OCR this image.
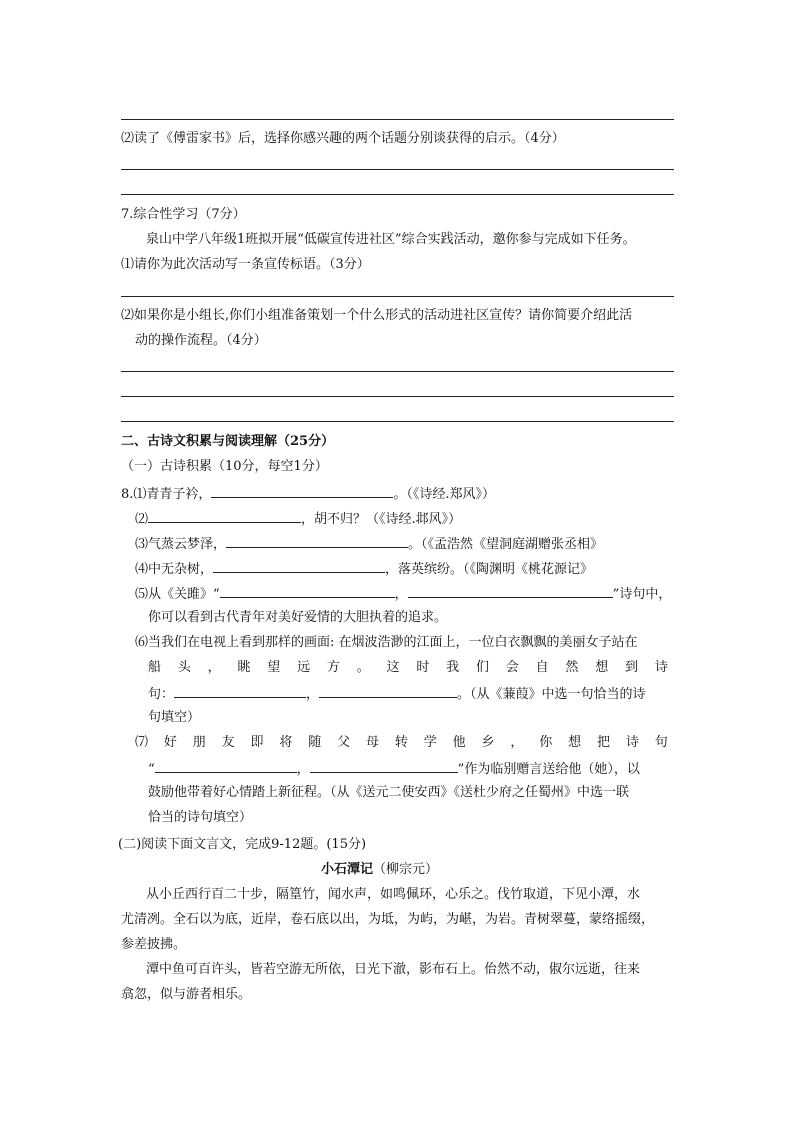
⑵读了《傅雷家书》后，选择你感兴趣的两个话题分别谈获得的启示。（4分）
7.综合性学习（7分）
泉山中学八年级1班拟开展“低碳宣传进社区”综合实践活动，邀你参与完成如下任务。
⑴请你为此次活动写一条宣传标语。（3分）
⑵如果你是小组长,你们小组准备策划一个什么形式的活动进社区宣传？请你简要介绍此活
动的操作流程。（4分）
二、古诗文积累与阅读理解（25分）
（一）古诗积累（10分，每空1分）
8.⑴青青子衿，	。（《诗经.郑风》）
⑵	，胡不归？（《诗经.邶风》）
⑶气蒸云梦泽，	。（《孟浩然《望洞庭湖赠张丞相》
⑷中无杂树，	，落英缤纷。（《陶渊明《桃花源记》
⑸从《关雎》“	，	”诗句中，
你可以看到古代青年对美好爱情的大胆执着的追求。
⑹当我们在电视上看到那样的画面: 在烟波浩渺的江面上，一位白衣飘飘的美丽女子站在
船 头 ， 眺 望 远 方 。 这 时 我 们 会 自 然 想 到 诗
句：	，	。（从《蒹葭》中选一句恰当的诗
句填空）
⑺ 好 朋 友 即 将 随 父 母 转 学 他 乡 ， 你 想 把 诗 句
“	，	”作为临别赠言送给他（她），以
鼓励他带着好心情踏上新征程。（从《送元二使安西》《送杜少府之任蜀州》中选一联
恰当的诗句填空）
(二)阅读下面文言文，完成9-12题。(15分)
小石潭记（柳宗元）
从小丘西行百二十步，隔篁竹，闻水声，如鸣佩环，心乐之。伐竹取道，下见小潭，水
尤清冽。全石以为底，近岸，卷石底以出，为坻，为屿，为嵁，为岩。青树翠蔓，蒙络摇缀，
参差披拂。
潭中鱼可百许头，皆若空游无所依，日光下澈，影布石上。佁然不动，俶尔远逝，往来
翕忽，似与游者相乐。
